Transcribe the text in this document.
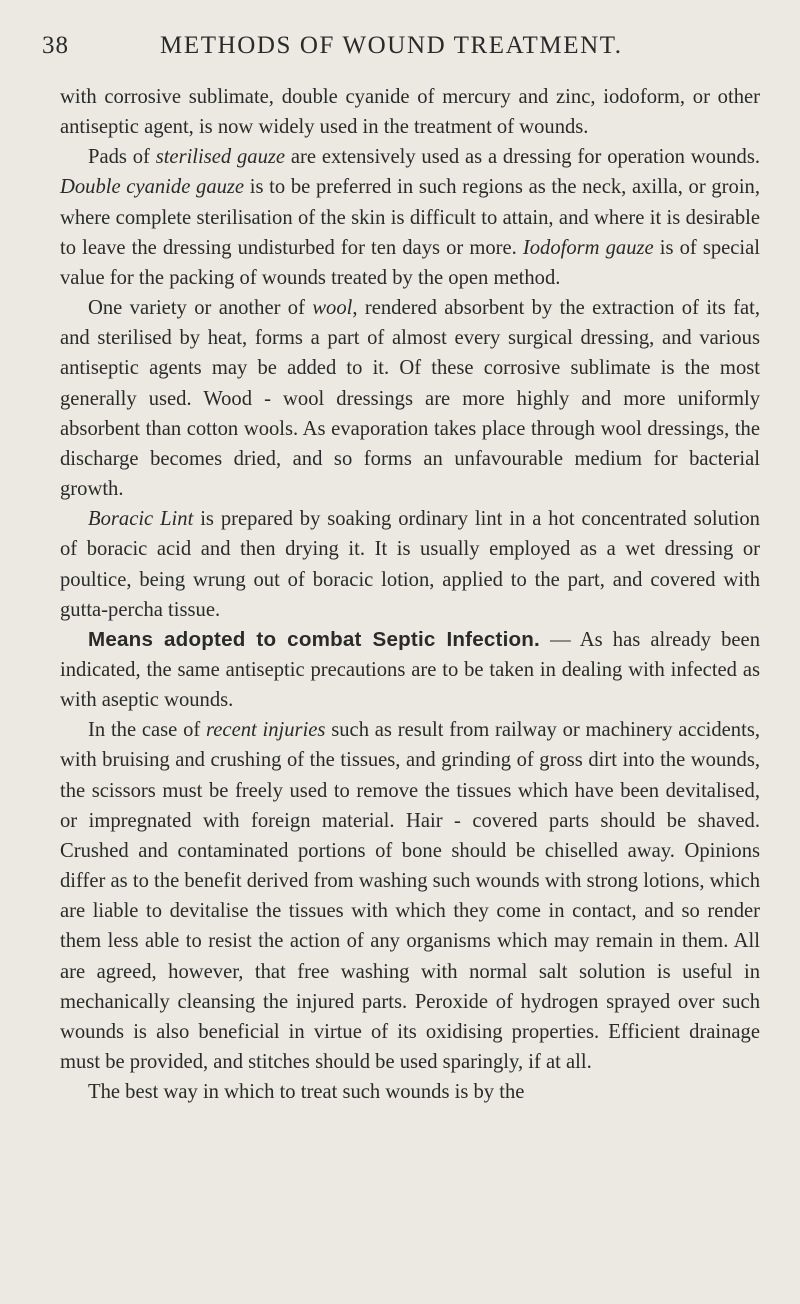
38	METHODS OF WOUND TREATMENT.

with corrosive sublimate, double cyanide of mercury and zinc, iodoform, or other antiseptic agent, is now widely used in the treatment of wounds.

Pads of sterilised gauze are extensively used as a dressing for operation wounds. Double cyanide gauze is to be preferred in such regions as the neck, axilla, or groin, where complete sterilisation of the skin is difficult to attain, and where it is desirable to leave the dressing undisturbed for ten days or more. Iodoform gauze is of special value for the packing of wounds treated by the open method.

One variety or another of wool, rendered absorbent by the extraction of its fat, and sterilised by heat, forms a part of almost every surgical dressing, and various antiseptic agents may be added to it. Of these corrosive sublimate is the most generally used. Wood - wool dressings are more highly and more uniformly absorbent than cotton wools. As evaporation takes place through wool dressings, the discharge becomes dried, and so forms an unfavourable medium for bacterial growth.

Boracic Lint is prepared by soaking ordinary lint in a hot concentrated solution of boracic acid and then drying it. It is usually employed as a wet dressing or poultice, being wrung out of boracic lotion, applied to the part, and covered with gutta-percha tissue.

Means adopted to combat Septic Infection. — As has already been indicated, the same antiseptic precautions are to be taken in dealing with infected as with aseptic wounds.

In the case of recent injuries such as result from railway or machinery accidents, with bruising and crushing of the tissues, and grinding of gross dirt into the wounds, the scissors must be freely used to remove the tissues which have been devitalised, or impregnated with foreign material. Hair - covered parts should be shaved. Crushed and contaminated portions of bone should be chiselled away. Opinions differ as to the benefit derived from washing such wounds with strong lotions, which are liable to devitalise the tissues with which they come in contact, and so render them less able to resist the action of any organisms which may remain in them. All are agreed, however, that free washing with normal salt solution is useful in mechanically cleansing the injured parts. Peroxide of hydrogen sprayed over such wounds is also beneficial in virtue of its oxidising properties. Efficient drainage must be provided, and stitches should be used sparingly, if at all.

The best way in which to treat such wounds is by the
